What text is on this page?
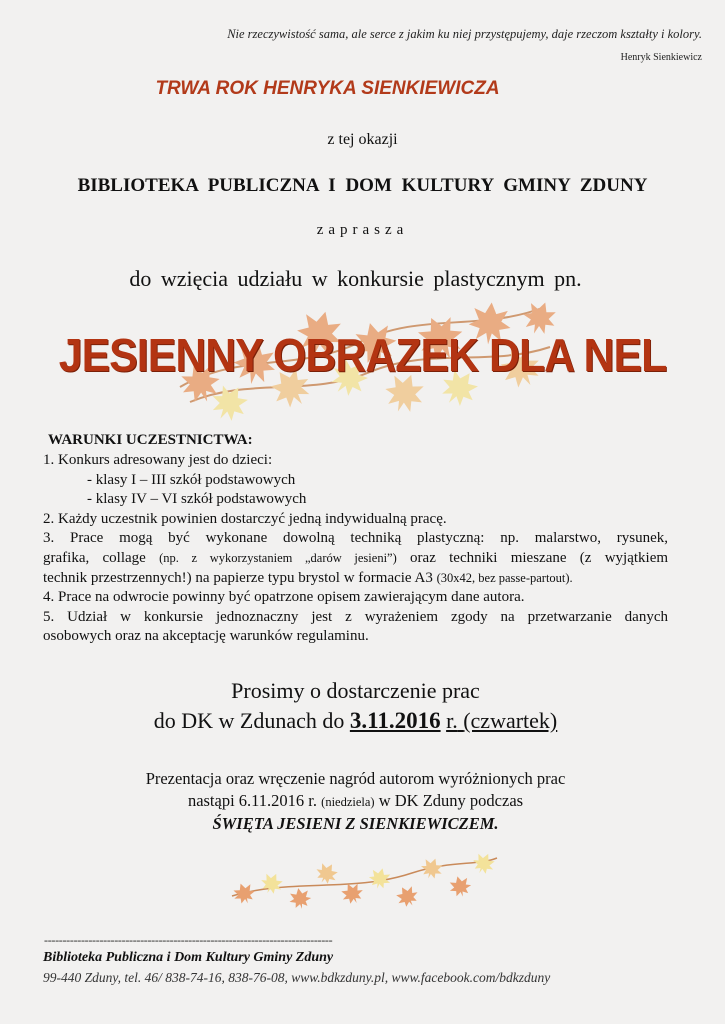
Nie rzeczywistość sama, ale serce z jakim ku niej przystępujemy, daje rzeczom kształty i kolory.
Henryk Sienkiewicz
TRWA ROK HENRYKA SIENKIEWICZA
z tej okazji
BIBLIOTEKA PUBLICZNA I DOM KULTURY GMINY ZDUNY
zaprasza
do wzięcia udziału w konkursie plastycznym pn.
JESIENNY OBRAZEK DLA NEL
WARUNKI UCZESTNICTWA:

1. Konkurs adresowany jest do dzieci:

- klasy I – III szkół podstawowych

- klasy IV – VI szkół podstawowych

2. Każdy uczestnik powinien dostarczyć jedną indywidualną pracę.

3. Prace mogą być wykonane dowolną techniką plastyczną: np. malarstwo, rysunek,

grafika, collage (np. z wykorzystaniem „darów jesieni”) oraz techniki mieszane (z wyjątkiem

technik przestrzennych!) na papierze typu brystol w formacie A3 (30x42, bez passe-partout).

4. Prace na odwrocie powinny być opatrzone opisem zawierającym dane autora.

5. Udział w konkursie jednoznaczny jest z wyrażeniem zgody na przetwarzanie danych

osobowych oraz na akceptację warunków regulaminu.

Prosimy o dostarczenie prac
do DK w Zdunach do 3.11.2016 r. (czwartek)
Prezentacja oraz wręczenie nagród autorom wyróżnionych prac
nastąpi 6.11.2016 r. (niedziela) w DK Zduny podczas
ŚWIĘTA JESIENI Z SIENKIEWICZEM.
------------------------------------------------------------------------------
Biblioteka Publiczna i Dom Kultury Gminy Zduny
99-440 Zduny, tel. 46/ 838-74-16, 838-76-08, www.bdkzduny.pl, www.facebook.com/bdkzduny
